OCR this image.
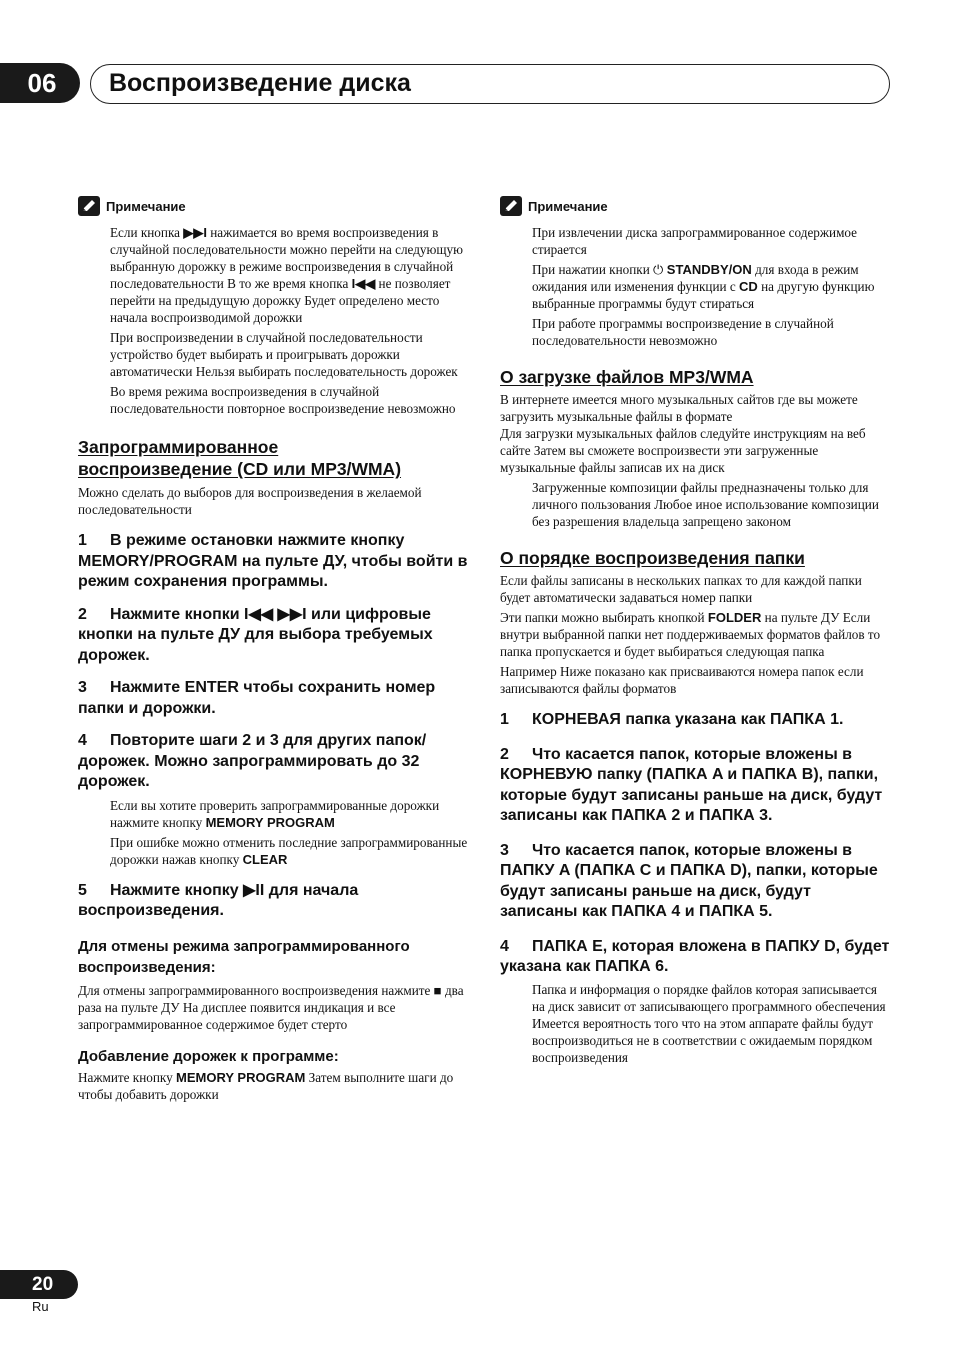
06	Воспроизведение диска
Примечание
Если кнопка ▶▶I нажимается во время воспроизведения в случайной последовательности можно перейти на следующую выбранную дорожку в режиме воспроизведения в случайной последовательности В то же время кнопка I◀◀ не позволяет перейти на предыдущую дорожку Будет определено место начала воспроизводимой дорожки
При воспроизведении в случайной последовательности устройство будет выбирать и проигрывать дорожки автоматически Нельзя выбирать последовательность дорожек
Во время режима воспроизведения в случайной последовательности повторное воспроизведение невозможно
Запрограммированное
воспроизведение (CD или MP3/WMA)
Можно сделать до выборов для воспроизведения в желаемой последовательности
1 В режиме остановки нажмите кнопку MEMORY/PROGRAM на пульте ДУ, чтобы войти в режим сохранения программы.
2 Нажмите кнопки I◀◀ ▶▶I или цифровые кнопки на пульте ДУ для выбора требуемых дорожек.
3 Нажмите ENTER чтобы сохранить номер папки и дорожки.
4 Повторите шаги 2 и 3 для других папок/ дорожек. Можно запрограммировать до 32 дорожек.
Если вы хотите проверить запрограммированные дорожки нажмите кнопку MEMORY PROGRAM
При ошибке можно отменить последние запрограммированные дорожки нажав кнопку CLEAR
5 Нажмите кнопку ▶II для начала воспроизведения.
Для отмены режима запрограммированного воспроизведения:
Для отмены запрограммированного воспроизведения нажмите ■ два раза на пульте ДУ На дисплее появится индикация и все запрограммированное содержимое будет стерто
Добавление дорожек к программе:
Нажмите кнопку MEMORY PROGRAM Затем выполните шаги до чтобы добавить дорожки
Примечание
При извлечении диска запрограммированное содержимое стирается
При нажатии кнопки ⏻ STANDBY/ON для входа в режим ожидания или изменения функции с CD на другую функцию выбранные программы будут стираться
При работе программы воспроизведение в случайной последовательности невозможно
О загрузке файлов MP3/WMA
В интернете имеется много музыкальных сайтов где вы можете загрузить музыкальные файлы в формате
Для загрузки музыкальных файлов следуйте инструкциям на веб сайте Затем вы сможете воспроизвести эти загруженные музыкальные файлы записав их на диск
Загруженные композиции файлы предназначены только для личного пользования Любое иное использование композиции без разрешения владельца запрещено законом
О порядке воспроизведения папки
Если файлы записаны в нескольких папках то для каждой папки будет автоматически задаваться номер папки
Эти папки можно выбирать кнопкой FOLDER на пульте ДУ Если внутри выбранной папки нет поддерживаемых форматов файлов то папка пропускается и будет выбираться следующая папка
Например Ниже показано как присваиваются номера папок если записываются файлы форматов
1 КОРНЕВАЯ папка указана как ПАПКА 1.
2 Что касается папок, которые вложены в КОРНЕВУЮ папку (ПАПКА A и ПАПКА B), папки, которые будут записаны раньше на диск, будут записаны как ПАПКА 2 и ПАПКА 3.
3 Что касается папок, которые вложены в ПАПКУ A (ПАПКА C и ПАПКА D), папки, которые будут записаны раньше на диск, будут записаны как ПАПКА 4 и ПАПКА 5.
4 ПАПКА E, которая вложена в ПАПКУ D, будет указана как ПАПКА 6.
Папка и информация о порядке файлов которая записывается на диск зависит от записывающего программного обеспечения Имеется вероятность того что на этом аппарате файлы будут воспроизводиться не в соответствии с ожидаемым порядком воспроизведения
20
Ru
